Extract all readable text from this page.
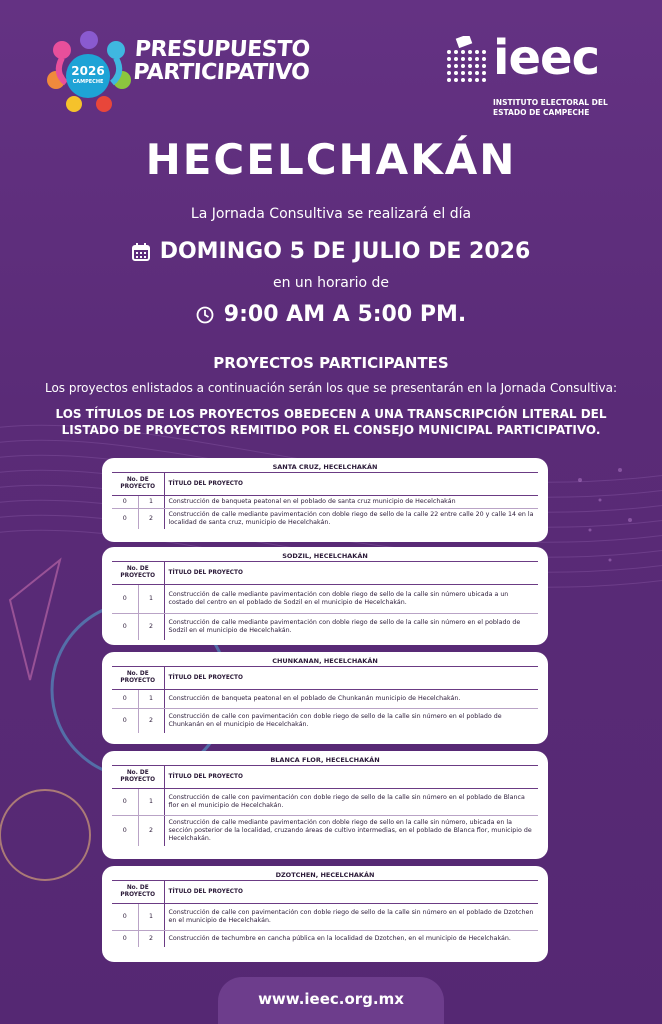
2026
CAMPECHE
PRESUPUESTO
PARTICIPATIVO	ieec
INSTITUTO ELECTORAL DEL
ESTADO DE CAMPECHE
HECELCHAKÁN
La Jornada Consultiva se realizará el día
DOMINGO 5 DE JULIO DE 2026
en un horario de
9:00 AM A 5:00 PM.
PROYECTOS PARTICIPANTES
Los proyectos enlistados a continuación serán los que se presentarán en la Jornada Consultiva:
LOS TÍTULOS DE LOS PROYECTOS OBEDECEN A UNA TRANSCRIPCIÓN LITERAL DEL LISTADO DE PROYECTOS REMITIDO POR EL CONSEJO MUNICIPAL PARTICIPATIVO.
SANTA CRUZ, HECELCHAKÁN
No. DE PROYECTO		TÍTULO DEL PROYECTO
0	1	Construcción de banqueta peatonal en el poblado de santa cruz municipio de Hecelchakán
0	2	Construcción de calle mediante pavimentación con doble riego de sello de la calle 22 entre calle 20 y calle 14 en la localidad de santa cruz, municipio de Hecelchakán.
SODZIL, HECELCHAKÁN
No. DE PROYECTO		TÍTULO DEL PROYECTO
0	1	Construcción de calle mediante pavimentación con doble riego de sello de la calle sin número ubicada a un costado del centro en el poblado de Sodzil en el municipio de Hecelchakán.
0	2	Construcción de calle mediante pavimentación con doble riego de sello de la calle sin número en el poblado de Sodzil en el municipio de Hecelchakán.
CHUNKANAN, HECELCHAKÁN
No. DE PROYECTO		TÍTULO DEL PROYECTO
0	1	Construcción de banqueta peatonal en el poblado de Chunkanán municipio de Hecelchakán.
0	2	Construcción de calle con pavimentación con doble riego de sello de la calle sin número en el poblado de Chunkanán en el municipio de Hecelchakán.
BLANCA FLOR, HECELCHAKÁN
No. DE PROYECTO		TÍTULO DEL PROYECTO
0	1	Construcción de calle con pavimentación con doble riego de sello de la calle sin número en el poblado de Blanca flor en el municipio de Hecelchakán.
0	2	Construcción de calle mediante pavimentación con doble riego de sello en la calle sin número, ubicada en la sección posterior de la localidad, cruzando áreas de cultivo intermedias, en el poblado de Blanca flor, municipio de Hecelchakán.
DZOTCHEN, HECELCHAKÁN
No. DE PROYECTO		TÍTULO DEL PROYECTO
0	1	Construcción de calle con pavimentación con doble riego de sello de la calle sin número en el poblado de Dzotchen en el municipio de Hecelchakán.
0	2	Construcción de techumbre en cancha pública en la localidad de Dzotchen, en el municipio de Hecelchakán.
www.ieec.org.mx
